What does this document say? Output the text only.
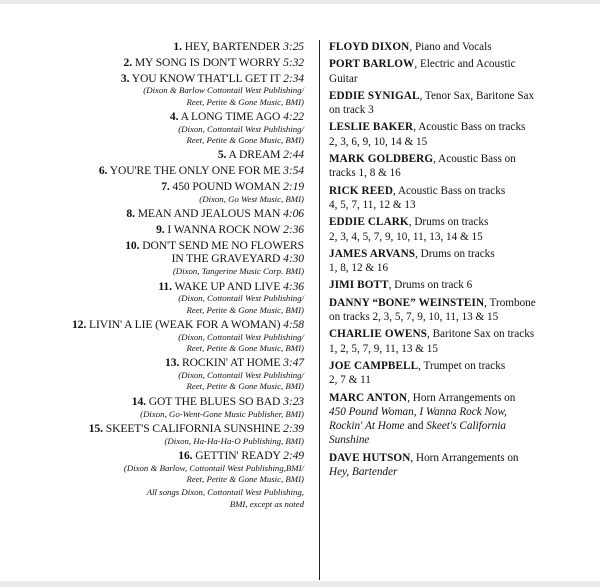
1. HEY, BARTENDER 3:25
2. MY SONG IS DON'T WORRY 5:32
3. YOU KNOW THAT'LL GET IT 2:34
(Dixon & Barlow Cottontail West Publishing/
Reet, Petite & Gone Music, BMI)
4. A LONG TIME AGO 4:22
(Dixon, Cottontail West Publishing/
Reet, Petite & Gone Music, BMI)
5. A DREAM 2:44
6. YOU'RE THE ONLY ONE FOR ME 3:54
7. 450 POUND WOMAN 2:19
(Dixon, Go West Music, BMI)
8. MEAN AND JEALOUS MAN 4:06
9. I WANNA ROCK NOW 2:36
10. DON'T SEND ME NO FLOWERS
IN THE GRAVEYARD 4:30
(Dixon, Tangerine Music Corp. BMI)
11. WAKE UP AND LIVE 4:36
(Dixon, Cottontail West Publishing/
Reet, Petite & Gone Music, BMI)
12. LIVIN' A LIE (WEAK FOR A WOMAN) 4:58
(Dixon, Cottontail West Publishing/
Reet, Petite & Gone Music, BMI)
13. ROCKIN' AT HOME 3:47
(Dixon, Cottontail West Publishing/
Reet, Petite & Gone Music, BMI)
14. GOT THE BLUES SO BAD 3:23
(Dixon, Go-Went-Gone Music Publisher, BMI)
15. SKEET'S CALIFORNIA SUNSHINE 2:39
(Dixon, Ha-Ha-Ha-O Publishing, BMI)
16. GETTIN' READY 2:49
(Dixon & Barlow, Cottontail West Publishing,BMI/
Reet, Petite & Gone Music, BMI)
All songs Dixon, Cottontail West Publishing,
BMI, except as noted
FLOYD DIXON, Piano and Vocals
PORT BARLOW, Electric and Acoustic
Guitar
EDDIE SYNIGAL, Tenor Sax, Baritone Sax
on track 3
LESLIE BAKER, Acoustic Bass on tracks
2, 3, 6, 9, 10, 14 & 15
MARK GOLDBERG, Acoustic Bass on
tracks 1, 8 & 16
RICK REED, Acoustic Bass on tracks
4, 5, 7, 11, 12 & 13
EDDIE CLARK, Drums on tracks
2, 3, 4, 5, 7, 9, 10, 11, 13, 14 & 15
JAMES ARVANS, Drums on tracks
1, 8, 12 & 16
JIMI BOTT, Drums on track 6
DANNY “BONE” WEINSTEIN, Trombone
on tracks 2, 3, 5, 7, 9, 10, 11, 13 & 15
CHARLIE OWENS, Baritone Sax on tracks
1, 2, 5, 7, 9, 11, 13 & 15
JOE CAMPBELL, Trumpet on tracks
2, 7 & 11
MARC ANTON, Horn Arrangements on
450 Pound Woman, I Wanna Rock Now,
Rockin' At Home and Skeet's California
Sunshine
DAVE HUTSON, Horn Arrangements on
Hey, Bartender
